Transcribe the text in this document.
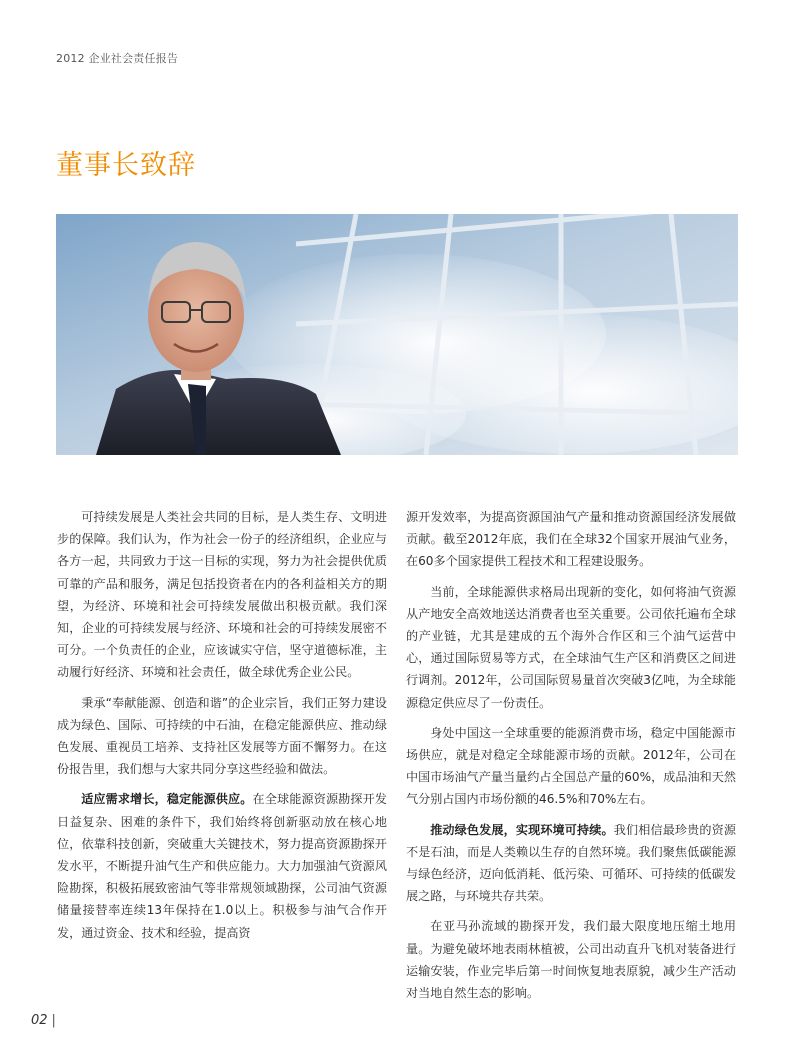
2012 企业社会责任报告
董事长致辞

可持续发展是人类社会共同的目标，是人类生存、文明进步的保障。我们认为，作为社会一份子的经济组织，企业应与各方一起，共同致力于这一目标的实现，努力为社会提供优质可靠的产品和服务，满足包括投资者在内的各利益相关方的期望，为经济、环境和社会可持续发展做出积极贡献。我们深知，企业的可持续发展与经济、环境和社会的可持续发展密不可分。一个负责任的企业，应该诚实守信，坚守道德标准，主动履行好经济、环境和社会责任，做全球优秀企业公民。

秉承“奉献能源、创造和谐”的企业宗旨，我们正努力建设成为绿色、国际、可持续的中石油，在稳定能源供应、推动绿色发展、重视员工培养、支持社区发展等方面不懈努力。在这份报告里，我们想与大家共同分享这些经验和做法。

适应需求增长，稳定能源供应。在全球能源资源勘探开发日益复杂、困难的条件下，我们始终将创新驱动放在核心地位，依靠科技创新，突破重大关键技术，努力提高资源勘探开发水平，不断提升油气生产和供应能力。大力加强油气资源风险勘探，积极拓展致密油气等非常规领域勘探，公司油气资源储量接替率连续13年保持在1.0以上。积极参与油气合作开发，通过资金、技术和经验，提高资

源开发效率，为提高资源国油气产量和推动资源国经济发展做贡献。截至2012年底，我们在全球32个国家开展油气业务，在60多个国家提供工程技术和工程建设服务。

当前，全球能源供求格局出现新的变化，如何将油气资源从产地安全高效地送达消费者也至关重要。公司依托遍布全球的产业链，尤其是建成的五个海外合作区和三个油气运营中心，通过国际贸易等方式，在全球油气生产区和消费区之间进行调剂。2012年，公司国际贸易量首次突破3亿吨，为全球能源稳定供应尽了一份责任。

身处中国这一全球重要的能源消费市场，稳定中国能源市场供应，就是对稳定全球能源市场的贡献。2012年，公司在中国市场油气产量当量约占全国总产量的60%，成品油和天然气分别占国内市场份额的46.5%和70%左右。

推动绿色发展，实现环境可持续。我们相信最珍贵的资源不是石油，而是人类赖以生存的自然环境。我们聚焦低碳能源与绿色经济，迈向低消耗、低污染、可循环、可持续的低碳发展之路，与环境共存共荣。

在亚马孙流域的勘探开发，我们最大限度地压缩土地用量。为避免破坏地表雨林植被，公司出动直升飞机对装备进行运输安装，作业完毕后第一时间恢复地表原貌，减少生产活动对当地自然生态的影响。

02 |
